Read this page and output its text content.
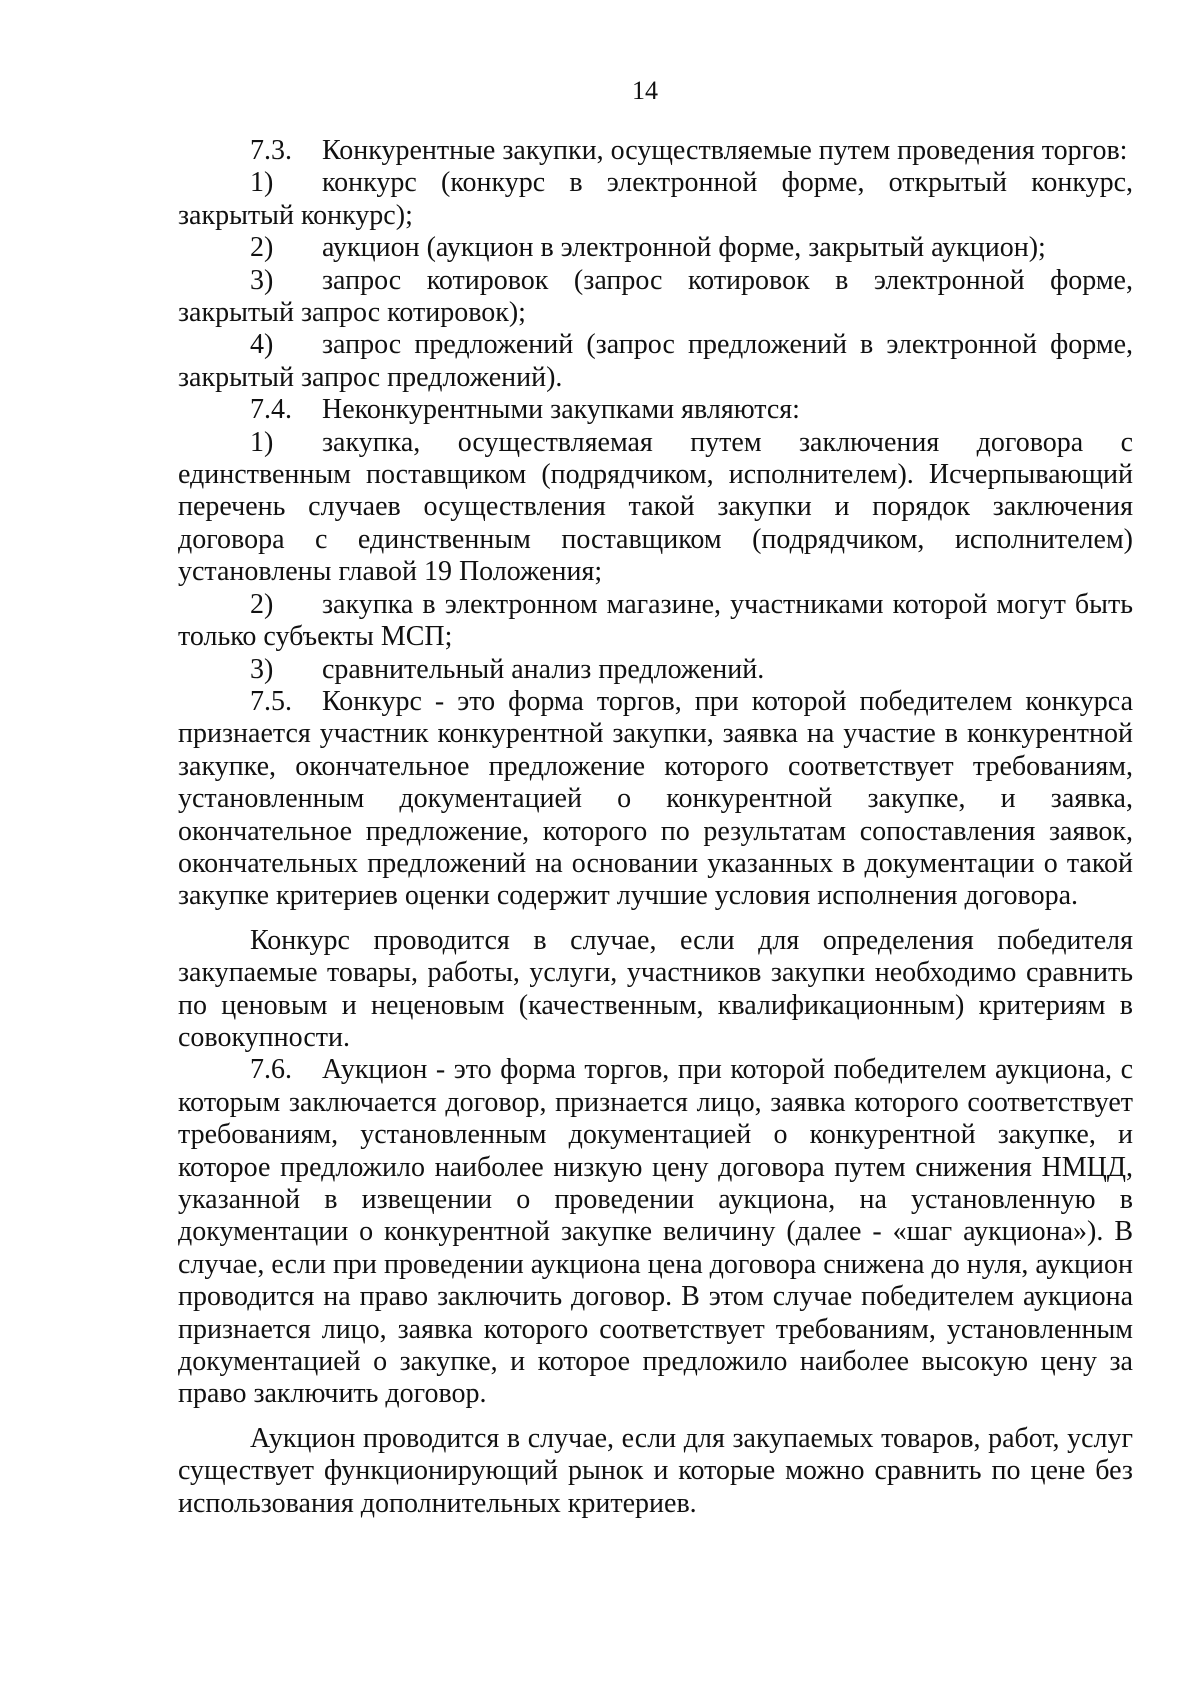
14

7.3. Конкурентные закупки, осуществляемые путем проведения торгов:

1) конкурс (конкурс в электронной форме, открытый конкурс, закрытый конкурс);

2) аукцион (аукцион в электронной форме, закрытый аукцион);

3) запрос котировок (запрос котировок в электронной форме, закрытый запрос котировок);

4) запрос предложений (запрос предложений в электронной форме, закрытый запрос предложений).

7.4. Неконкурентными закупками являются:

1) закупка, осуществляемая путем заключения договора с единственным поставщиком (подрядчиком, исполнителем). Исчерпывающий перечень случаев осуществления такой закупки и порядок заключения договора с единственным поставщиком (подрядчиком, исполнителем) установлены главой 19 Положения;

2) закупка в электронном магазине, участниками которой могут быть только субъекты МСП;

3) сравнительный анализ предложений.

7.5. Конкурс - это форма торгов, при которой победителем конкурса признается участник конкурентной закупки, заявка на участие в конкурентной закупке, окончательное предложение которого соответствует требованиям, установленным документацией о конкурентной закупке, и заявка, окончательное предложение, которого по результатам сопоставления заявок, окончательных предложений на основании указанных в документации о такой закупке критериев оценки содержит лучшие условия исполнения договора.

Конкурс проводится в случае, если для определения победителя закупаемые товары, работы, услуги, участников закупки необходимо сравнить по ценовым и неценовым (качественным, квалификационным) критериям в совокупности.

7.6. Аукцион - это форма торгов, при которой победителем аукциона, с которым заключается договор, признается лицо, заявка которого соответствует требованиям, установленным документацией о конкурентной закупке, и которое предложило наиболее низкую цену договора путем снижения НМЦД, указанной в извещении о проведении аукциона, на установленную в документации о конкурентной закупке величину (далее - «шаг аукциона»). В случае, если при проведении аукциона цена договора снижена до нуля, аукцион проводится на право заключить договор. В этом случае победителем аукциона признается лицо, заявка которого соответствует требованиям, установленным документацией о закупке, и которое предложило наиболее высокую цену за право заключить договор.

Аукцион проводится в случае, если для закупаемых товаров, работ, услуг существует функционирующий рынок и которые можно сравнить по цене без использования дополнительных критериев.
